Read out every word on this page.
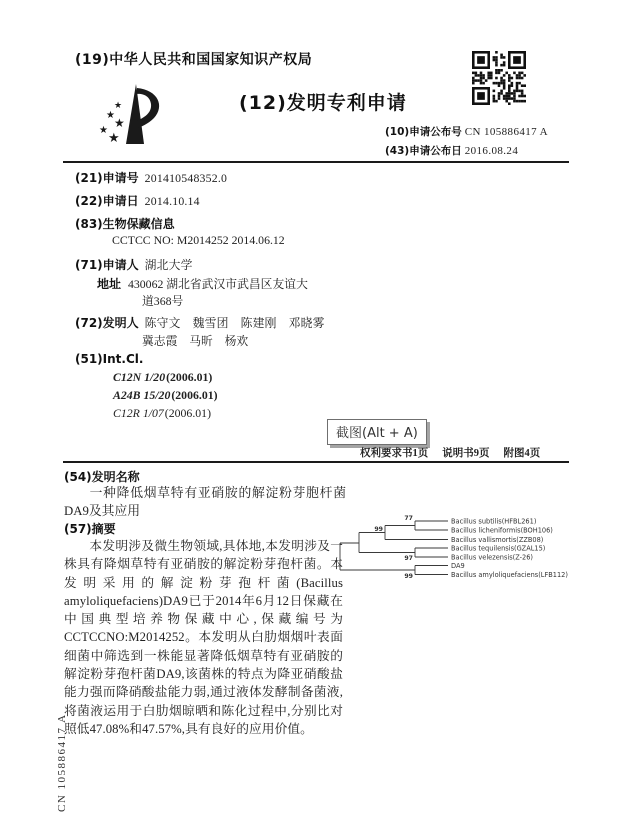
(19)中华人民共和国国家知识产权局
★
★
★
★ ★
(12)发明专利申请
(10)申请公布号 CN 105886417 A
(43)申请公布日 2016.08.24
(21)申请号 201410548352.0
(22)申请日 2014.10.14
(83)生物保藏信息
CCTCC NO: M2014252 2014.06.12
(71)申请人 湖北大学
地址 430062 湖北省武汉市武昌区友谊大
道368号
(72)发明人 陈守文　魏雪团　陈建刚　邓晓雾
冀志霞　马昕　杨欢
(51)Int.Cl.
C12N 1/20(2006.01)
A24B 15/20(2006.01)
C12R 1/07(2006.01)
截图(Alt + A)
权利要求书1页 说明书9页 附图4页
(54)发明名称
一种降低烟草特有亚硝胺的解淀粉芽胞杆菌DA9及其应用
(57)摘要
本发明涉及微生物领域,具体地,本发明涉及一株具有降烟草特有亚硝胺的解淀粉芽孢杆菌。本发明采用的解淀粉芽孢杆菌(Bacillus amyloliquefaciens)DA9已于2014年6月12日保藏在中国典型培养物保藏中心,保藏编号为CCTCCNO:M2014252。本发明从白肋烟烟叶表面细菌中筛选到一株能显著降低烟草特有亚硝胺的解淀粉芽孢杆菌DA9,该菌株的特点为降亚硝酸盐能力强而降硝酸盐能力弱,通过液体发酵制备菌液,将菌液运用于白肋烟晾晒和陈化过程中,分别比对照低47.08%和47.57%,具有良好的应用价值。
Bacillus subtilis(HFBL261)
Bacillus licheniformis(BOH106)
Bacillus vallismortis(ZZB08)
Bacillus tequilensis(GZAL15)
Bacillus velezensis(Z-26)
DA9
Bacillus amyloliquefaciens(LFB112)
77
99
97
99
CN 105886417 A
